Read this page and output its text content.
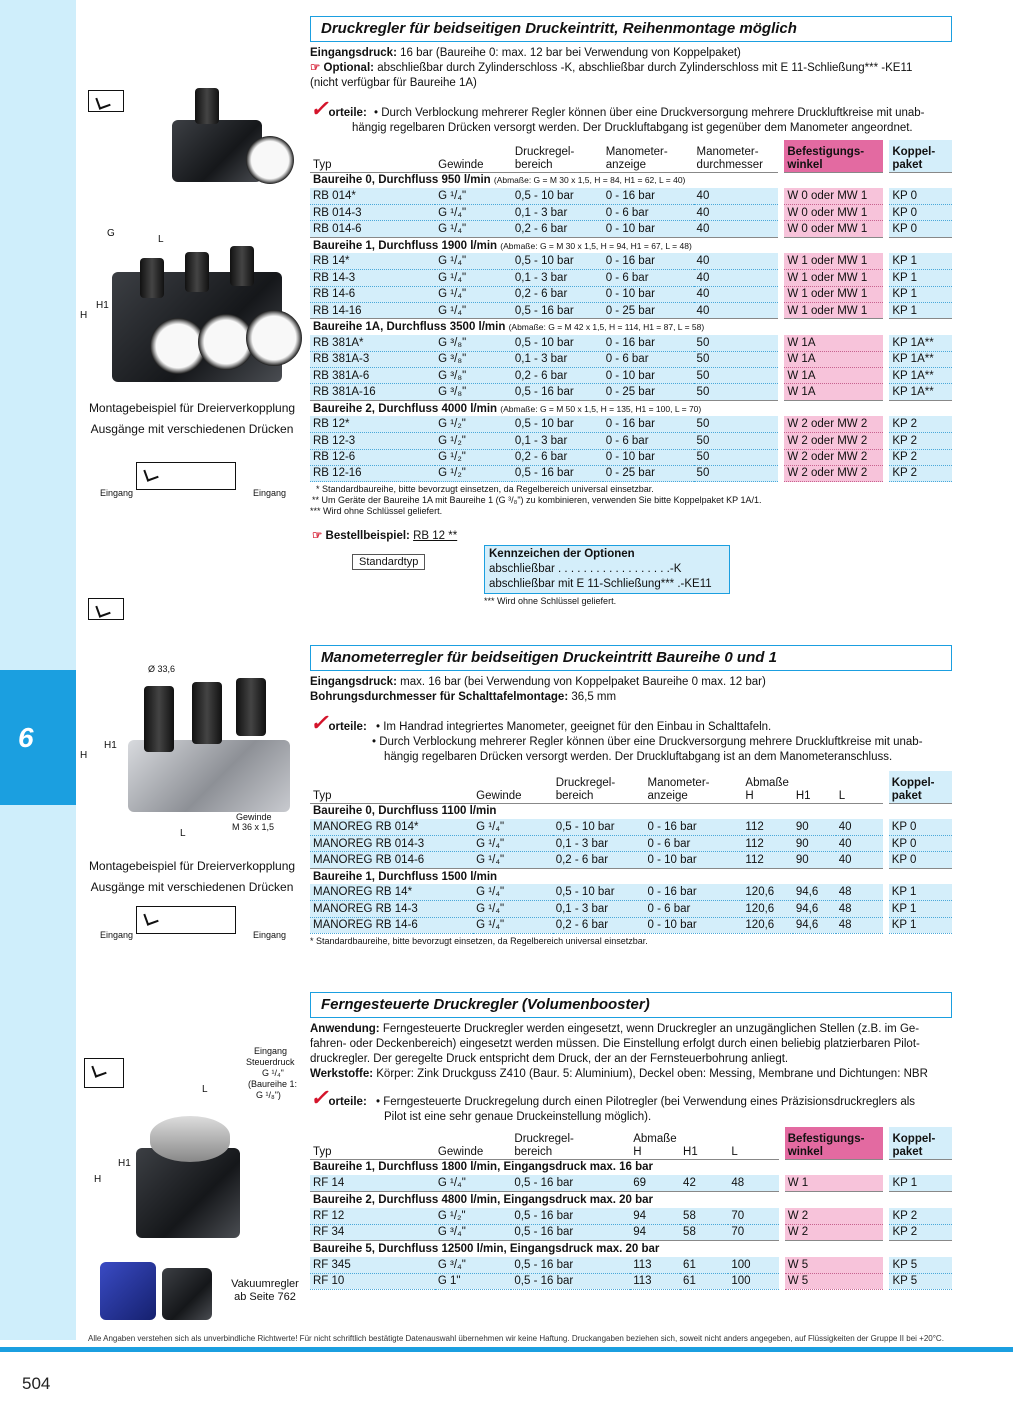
6
G
L
H
H1
Montagebeispiel für Dreierverkopplung
Ausgänge mit verschiedenen Drücken
Eingang	Eingang
Ø 33,6
H
H1
L
Gewinde
M 36 x 1,5
Montagebeispiel für Dreierverkopplung
Ausgänge mit verschiedenen Drücken
Eingang	Eingang
Eingang
Steuerdruck
G ¹/₄"
(Baureihe 1:
G ¹/₈")
L
H
H1
Vakuumregler
ab Seite 762
Druckregler für beidseitigen Druckeintritt, Reihenmontage möglich
Eingangsdruck: 16 bar (Baureihe 0: max. 12 bar bei Verwendung von Koppelpaket)
☞ Optional: abschließbar durch Zylinderschloss -K, abschließbar durch Zylinderschloss mit E 11-Schließung*** -KE11
(nicht verfügbar für Baureihe 1A)
✓orteile: • Durch Verblockung mehrerer Regler können über eine Druckversorgung mehrere Druckluftkreise mit unab-
hängig regelbaren Drücken versorgt werden. Der Druckluftabgang ist gegenüber dem Manometer angeordnet.
Typ	Gewinde	Druckregel-
bereich	Manometer-
anzeige	Manometer-
durchmesser		Befestigungs-
winkel		Koppel-
paket
Baureihe 0, Durchfluss 950 l/min (Abmaße: G = M 30 x 1,5, H = 84, H1 = 62, L = 40)								
RB 014*	G ¹/₄"	0,5 - 10 bar	0 - 16 bar	40		W 0 oder MW 1		KP 0
RB 014-3	G ¹/₄"	0,1 - 3 bar	0 - 6 bar	40		W 0 oder MW 1		KP 0
RB 014-6	G ¹/₄"	0,2 - 6 bar	0 - 10 bar	40		W 0 oder MW 1		KP 0
Baureihe 1, Durchfluss 1900 l/min (Abmaße: G = M 30 x 1,5, H = 94, H1 = 67, L = 48)								
RB 14*	G ¹/₄"	0,5 - 10 bar	0 - 16 bar	40		W 1 oder MW 1		KP 1
RB 14-3	G ¹/₄"	0,1 - 3 bar	0 - 6 bar	40		W 1 oder MW 1		KP 1
RB 14-6	G ¹/₄"	0,2 - 6 bar	0 - 10 bar	40		W 1 oder MW 1		KP 1
RB 14-16	G ¹/₄"	0,5 - 16 bar	0 - 25 bar	40		W 1 oder MW 1		KP 1
Baureihe 1A, Durchfluss 3500 l/min (Abmaße: G = M 42 x 1,5, H = 114, H1 = 87, L = 58)								
RB 381A*	G ³/₈"	0,5 - 10 bar	0 - 16 bar	50		W 1A		KP 1A**
RB 381A-3	G ³/₈"	0,1 - 3 bar	0 - 6 bar	50		W 1A		KP 1A**
RB 381A-6	G ³/₈"	0,2 - 6 bar	0 - 10 bar	50		W 1A		KP 1A**
RB 381A-16	G ³/₈"	0,5 - 16 bar	0 - 25 bar	50		W 1A		KP 1A**
Baureihe 2, Durchfluss 4000 l/min (Abmaße: G = M 50 x 1,5, H = 135, H1 = 100, L = 70)								
RB 12*	G ¹/₂"	0,5 - 10 bar	0 - 16 bar	50		W 2 oder MW 2		KP 2
RB 12-3	G ¹/₂"	0,1 - 3 bar	0 - 6 bar	50		W 2 oder MW 2		KP 2
RB 12-6	G ¹/₂"	0,2 - 6 bar	0 - 10 bar	50		W 2 oder MW 2		KP 2
RB 12-16	G ¹/₂"	0,5 - 16 bar	0 - 25 bar	50		W 2 oder MW 2		KP 2
* Standardbaureihe, bitte bevorzugt einsetzen, da Regelbereich universal einsetzbar.
** Um Geräte der Baureihe 1A mit Baureihe 1 (G ³/₈") zu kombinieren, verwenden Sie bitte Koppelpaket KP 1A/1.
*** Wird ohne Schlüssel geliefert.
☞ Bestellbeispiel: RB 12 **
Standardtyp
Kennzeichen der Optionen
abschließbar . . . . . . . . . . . . . . . . . .-K
abschließbar mit E 11-Schließung*** .-KE11
*** Wird ohne Schlüssel geliefert.
Manometerregler für beidseitigen Druckeintritt Baureihe 0 und 1
Eingangsdruck: max. 16 bar (bei Verwendung von Koppelpaket Baureihe 0 max. 12 bar)
Bohrungsdurchmesser für Schalttafelmontage: 36,5 mm
✓orteile: • Im Handrad integriertes Manometer, geeignet für den Einbau in Schalttafeln.
• Durch Verblockung mehrerer Regler können über eine Druckversorgung mehrere Druckluftkreise mit unab-
hängig regelbaren Drücken versorgt werden. Der Druckluftabgang ist an dem Manometeranschluss.
Typ	Gewinde	Druckregel-
bereich	Manometer-
anzeige	Abmaße
H	H1	L		Koppel-
paket
Baureihe 0, Durchfluss 1100 l/min								
MANOREG RB 014*	G ¹/₄"	0,5 - 10 bar	0 - 16 bar	112	90	40		KP 0
MANOREG RB 014-3	G ¹/₄"	0,1 - 3 bar	0 - 6 bar	112	90	40		KP 0
MANOREG RB 014-6	G ¹/₄"	0,2 - 6 bar	0 - 10 bar	112	90	40		KP 0
Baureihe 1, Durchfluss 1500 l/min								
MANOREG RB 14*	G ¹/₄"	0,5 - 10 bar	0 - 16 bar	120,6	94,6	48		KP 1
MANOREG RB 14-3	G ¹/₄"	0,1 - 3 bar	0 - 6 bar	120,6	94,6	48		KP 1
MANOREG RB 14-6	G ¹/₄"	0,2 - 6 bar	0 - 10 bar	120,6	94,6	48		KP 1
* Standardbaureihe, bitte bevorzugt einsetzen, da Regelbereich universal einsetzbar.
Ferngesteuerte Druckregler (Volumenbooster)
Anwendung: Ferngesteuerte Druckregler werden eingesetzt, wenn Druckregler an unzugänglichen Stellen (z.B. im Ge-
fahren- oder Deckenbereich) eingesetzt werden müssen. Die Einstellung erfolgt durch einen beliebig platzierbaren Pilot-
druckregler. Der geregelte Druck entspricht dem Druck, der an der Fernsteuerbohrung anliegt.
Werkstoffe: Körper: Zink Druckguss Z410 (Baur. 5: Aluminium), Deckel oben: Messing, Membrane und Dichtungen: NBR
✓orteile: • Ferngesteuerte Druckregelung durch einen Pilotregler (bei Verwendung eines Präzisionsdruckreglers als
Pilot ist eine sehr genaue Druckeinstellung möglich).
Typ	Gewinde	Druckregel-
bereich	Abmaße
H	H1	L		Befestigungs-
winkel		Koppel-
paket
Baureihe 1, Durchfluss 1800 l/min, Eingangsdruck max. 16 bar									
RF 14	G ¹/₄"	0,5 - 16 bar	69	42	48		W 1		KP 1
Baureihe 2, Durchfluss 4800 l/min, Eingangsdruck max. 20 bar									
RF 12	G ¹/₂"	0,5 - 16 bar	94	58	70		W 2		KP 2
RF 34	G ³/₄"	0,5 - 16 bar	94	58	70		W 2		KP 2
Baureihe 5, Durchfluss 12500 l/min, Eingangsdruck max. 20 bar									
RF 345	G ³/₄"	0,5 - 16 bar	113	61	100		W 5		KP 5
RF 10	G 1"	0,5 - 16 bar	113	61	100		W 5		KP 5
Alle Angaben verstehen sich als unverbindliche Richtwerte! Für nicht schriftlich bestätigte Datenauswahl übernehmen wir keine Haftung. Druckangaben beziehen sich, soweit nicht anders angegeben, auf Flüssigkeiten der Gruppe II bei +20°C.
504
